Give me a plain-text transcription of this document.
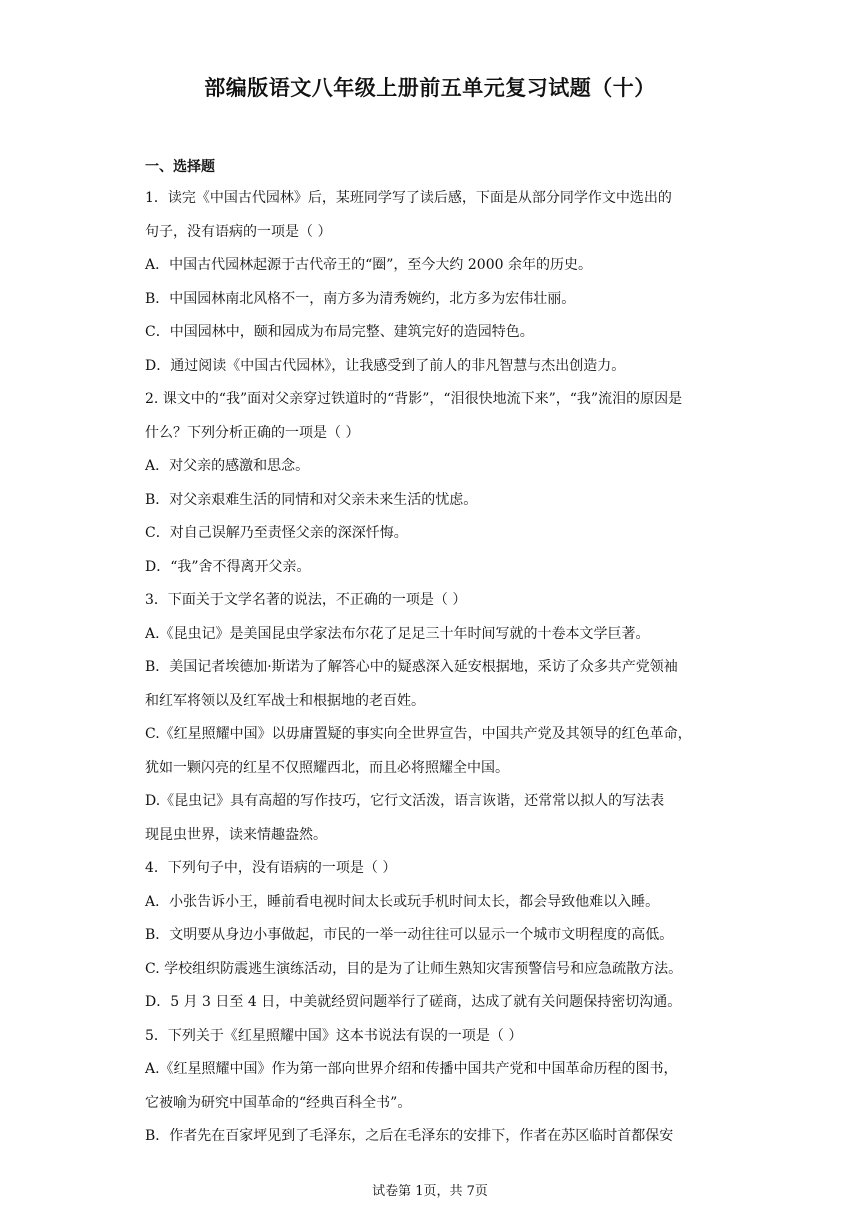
部编版语文八年级上册前五单元复习试题（十）
一、选择题
1．读完《中国古代园林》后，某班同学写了读后感，下面是从部分同学作文中选出的
句子，没有语病的一项是（ ）
A．中国古代园林起源于古代帝王的“圈”，至今大约 2000 余年的历史。
B．中国园林南北风格不一，南方多为清秀婉约，北方多为宏伟壮丽。
C．中国园林中，颐和园成为布局完整、建筑完好的造园特色。
D．通过阅读《中国古代园林》，让我感受到了前人的非凡智慧与杰出创造力。
2. 课文中的“我”面对父亲穿过铁道时的“背影”，“泪很快地流下来”，“我”流泪的原因是
什么？下列分析正确的一项是（ ）
A．对父亲的感激和思念。
B．对父亲艰难生活的同情和对父亲未来生活的忧虑。
C．对自己误解乃至责怪父亲的深深忏悔。
D．“我”舍不得离开父亲。
3．下面关于文学名著的说法，不正确的一项是（ ）
A.《昆虫记》是美国昆虫学家法布尔花了足足三十年时间写就的十卷本文学巨著。
B．美国记者埃德加·斯诺为了解答心中的疑惑深入延安根据地，采访了众多共产党领袖
和红军将领以及红军战士和根据地的老百姓。
C.《红星照耀中国》以毋庸置疑的事实向全世界宣告，中国共产党及其领导的红色革命，
犹如一颗闪亮的红星不仅照耀西北，而且必将照耀全中国。
D.《昆虫记》具有高超的写作技巧，它行文活泼，语言诙谐，还常常以拟人的写法表
现昆虫世界，读来情趣盎然。
4．下列句子中，没有语病的一项是（ ）
A．小张告诉小王，睡前看电视时间太长或玩手机时间太长，都会导致他难以入睡。
B．文明要从身边小事做起，市民的一举一动往往可以显示一个城市文明程度的高低。
C. 学校组织防震逃生演练活动，目的是为了让师生熟知灾害预警信号和应急疏散方法。
D．5 月 3 日至 4 日，中美就经贸问题举行了磋商，达成了就有关问题保持密切沟通。
5．下列关于《红星照耀中国》这本书说法有误的一项是（ ）
A.《红星照耀中国》作为第一部向世界介绍和传播中国共产党和中国革命历程的图书，
它被喻为研究中国革命的“经典百科全书”。
B．作者先在百家坪见到了毛泽东，之后在毛泽东的安排下，作者在苏区临时首都保安
试卷第 1页，共 7页
